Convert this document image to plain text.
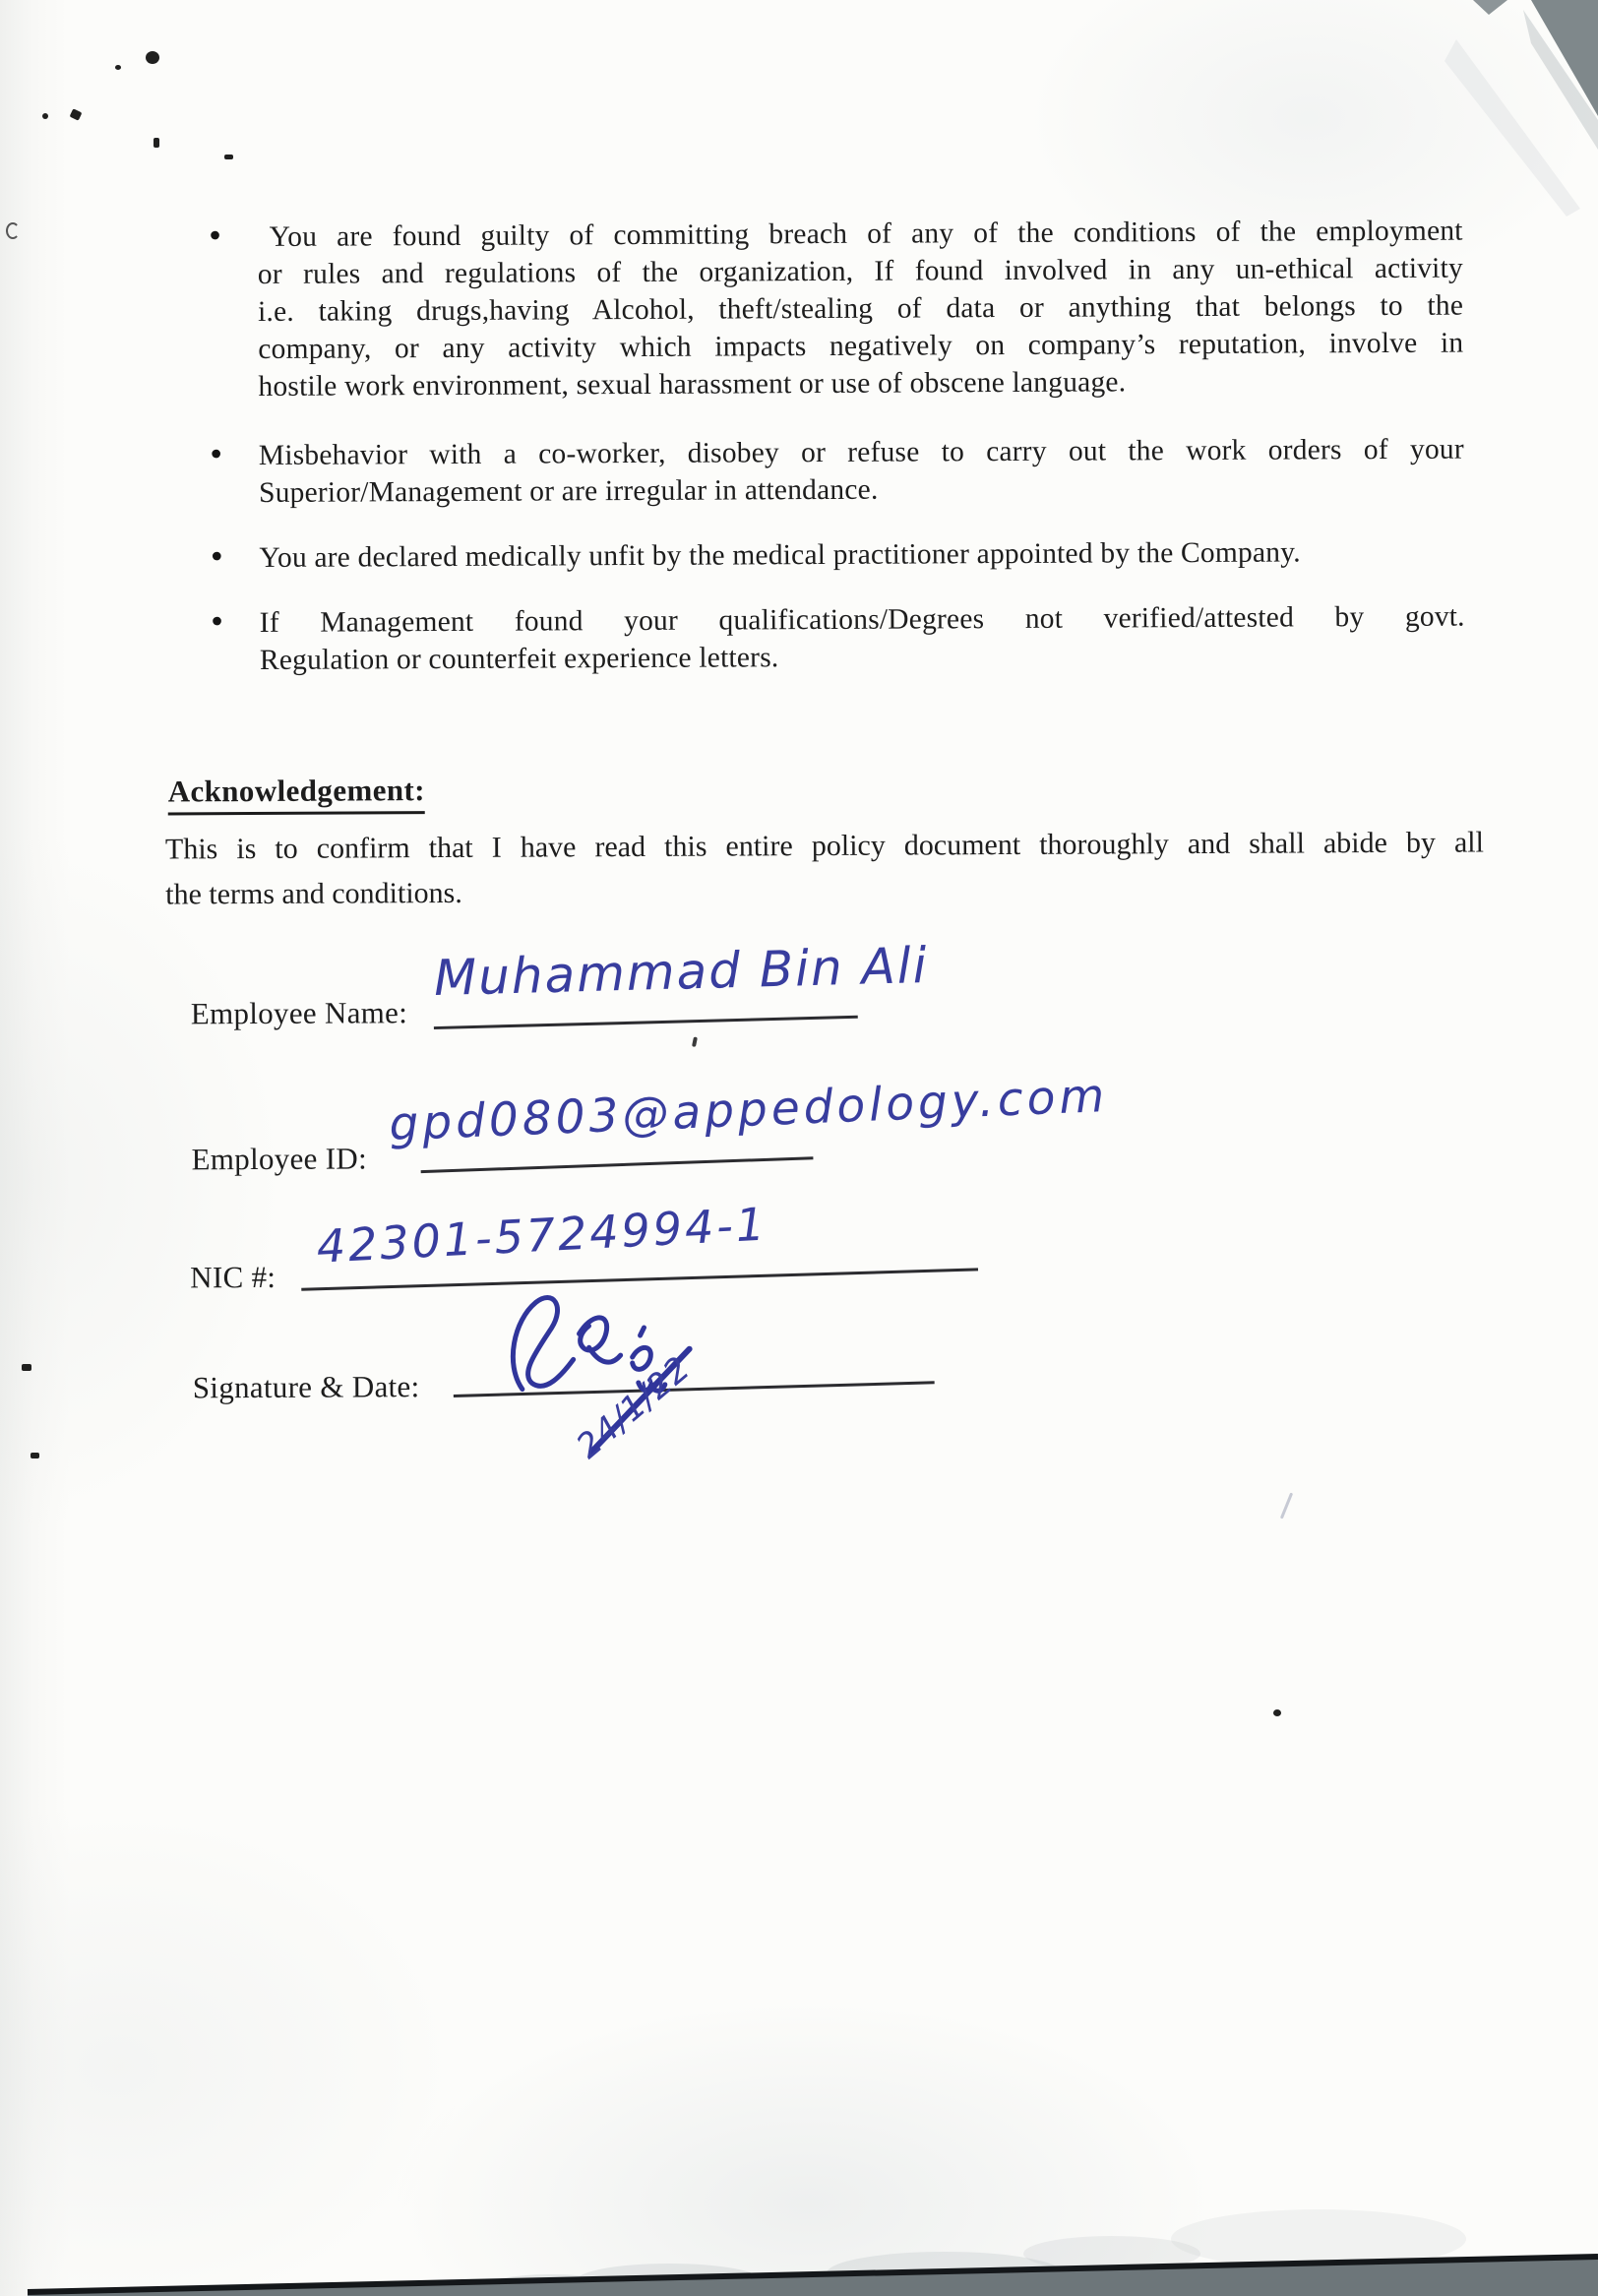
•	You are found guilty of committing breach of any of the conditions of the employment
or rules and regulations of the organization, If found involved in any un-ethical activity
i.e. taking drugs,having Alcohol, theft/stealing of data or anything that belongs to the
company, or any activity which impacts negatively on company’s reputation, involve in
hostile work environment, sexual harassment or use of obscene language.
• Misbehavior with a co-worker, disobey or refuse to carry out the work orders of your
Superior/Management or are irregular in attendance.
• You are declared medically unfit by the medical practitioner appointed by the Company.
• If Management found your qualifications/Degrees not verified/attested by govt.
Regulation or counterfeit experience letters.
Acknowledgement:
This is to confirm that I have read this entire policy document thoroughly and shall abide by all
the terms and conditions.
Employee Name:
Muhammad Bin Ali
Employee ID:
gpd0803@appedology.com
NIC #:
42301-5724994-1
Signature & Date:	24/1/22
